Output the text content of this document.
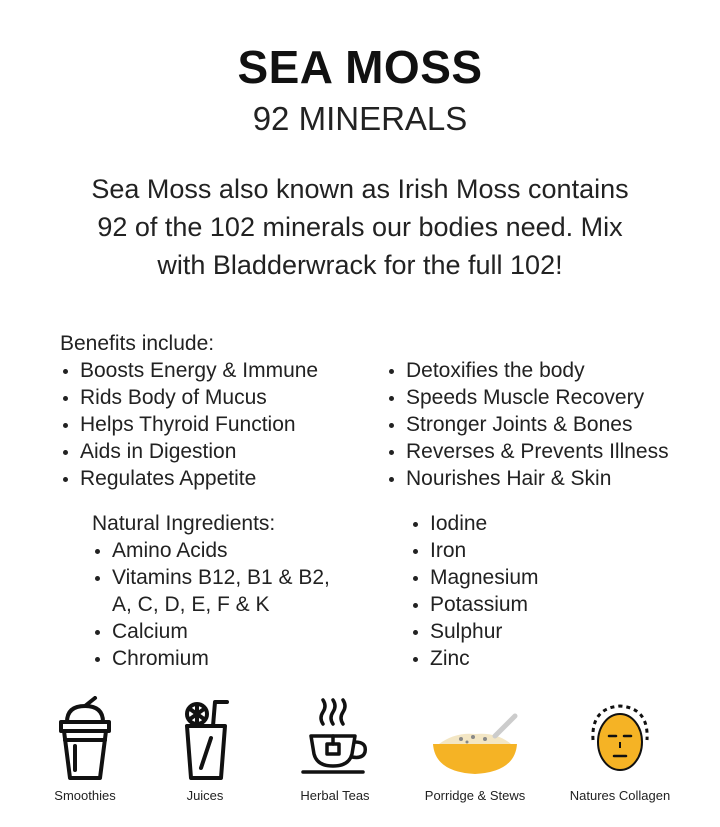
SEA MOSS
92 MINERALS
Sea Moss also known as Irish Moss contains
92 of the 102 minerals our bodies need. Mix
with Bladderwrack for the full 102!
Benefits include:
Boosts Energy & Immune
Rids Body of Mucus
Helps Thyroid Function
Aids in Digestion
Regulates Appetite
Detoxifies the body
Speeds Muscle Recovery
Stronger Joints & Bones
Reverses & Prevents Illness
Nourishes Hair & Skin
Natural Ingredients:
Amino Acids
Vitamins B12, B1 & B2,
A, C, D, E, F & K
Calcium
Chromium
Iodine
Iron
Magnesium
Potassium
Sulphur
Zinc
Smoothies	Juices	Herbal Teas	Porridge & Stews	Natures Collagen
